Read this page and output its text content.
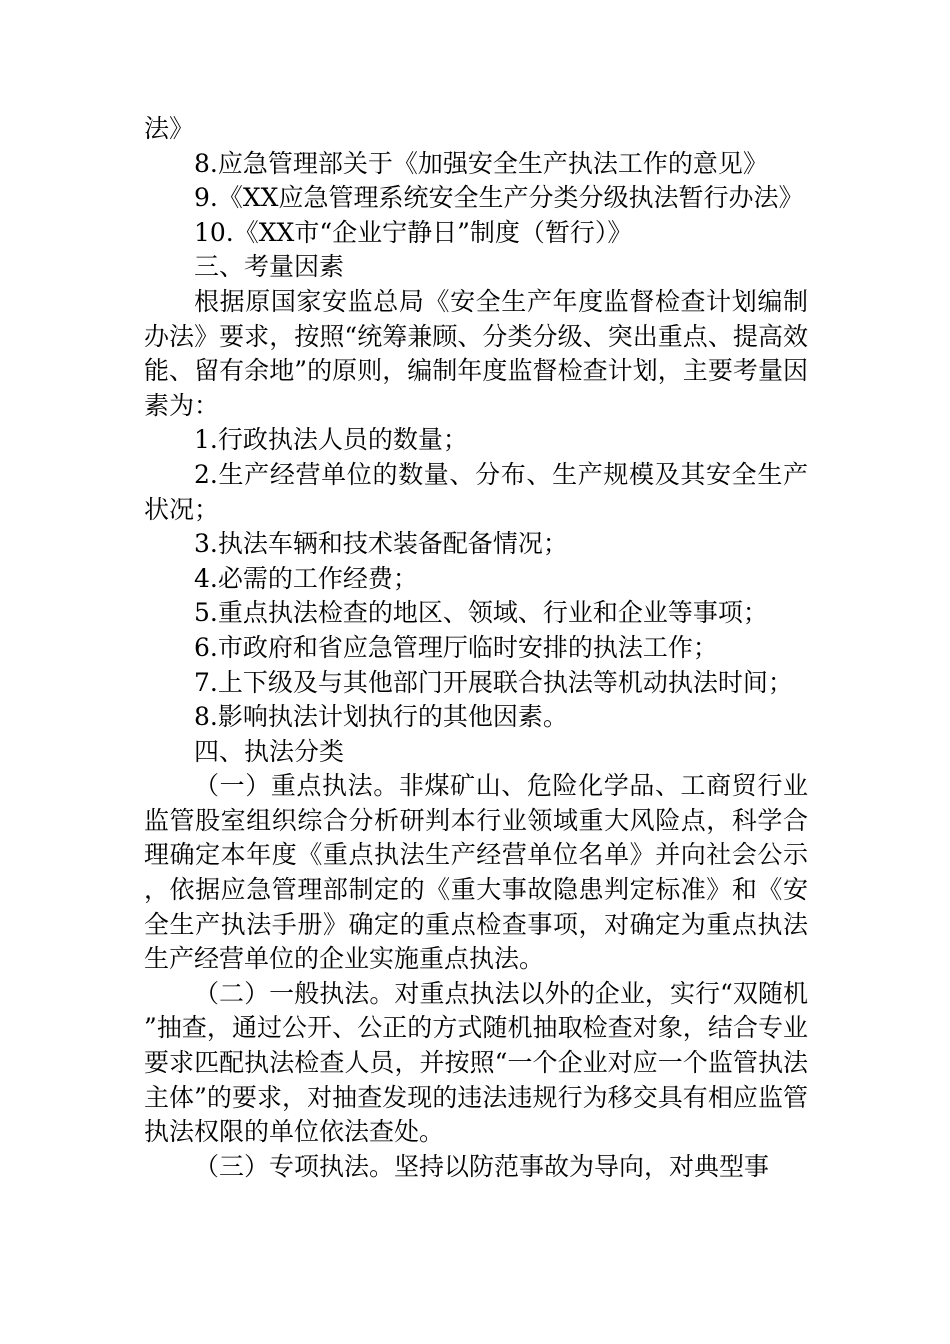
法》

8.应急管理部关于《加强安全生产执法工作的意见》

9.《XX应急管理系统安全生产分类分级执法暂行办法》

10.《XX市“企业宁静日”制度（暂行）》

三、考量因素

根据原国家安监总局《安全生产年度监督检查计划编制办法》要求，按照“统筹兼顾、分类分级、突出重点、提高效能、留有余地”的原则，编制年度监督检查计划，主要考量因素为：

1.行政执法人员的数量；

2.生产经营单位的数量、分布、生产规模及其安全生产状况；

3.执法车辆和技术装备配备情况；

4.必需的工作经费；

5.重点执法检查的地区、领域、行业和企业等事项；

6.市政府和省应急管理厅临时安排的执法工作；

7.上下级及与其他部门开展联合执法等机动执法时间；

8.影响执法计划执行的其他因素。

四、执法分类

（一）重点执法。非煤矿山、危险化学品、工商贸行业监管股室组织综合分析研判本行业领域重大风险点，科学合理确定本年度《重点执法生产经营单位名单》并向社会公示，依据应急管理部制定的《重大事故隐患判定标准》和《安全生产执法手册》确定的重点检查事项，对确定为重点执法生产经营单位的企业实施重点执法。

（二）一般执法。对重点执法以外的企业，实行“双随机”抽查，通过公开、公正的方式随机抽取检查对象，结合专业要求匹配执法检查人员，并按照“一个企业对应一个监管执法主体”的要求，对抽查发现的违法违规行为移交具有相应监管执法权限的单位依法查处。

（三）专项执法。坚持以防范事故为导向，对典型事
